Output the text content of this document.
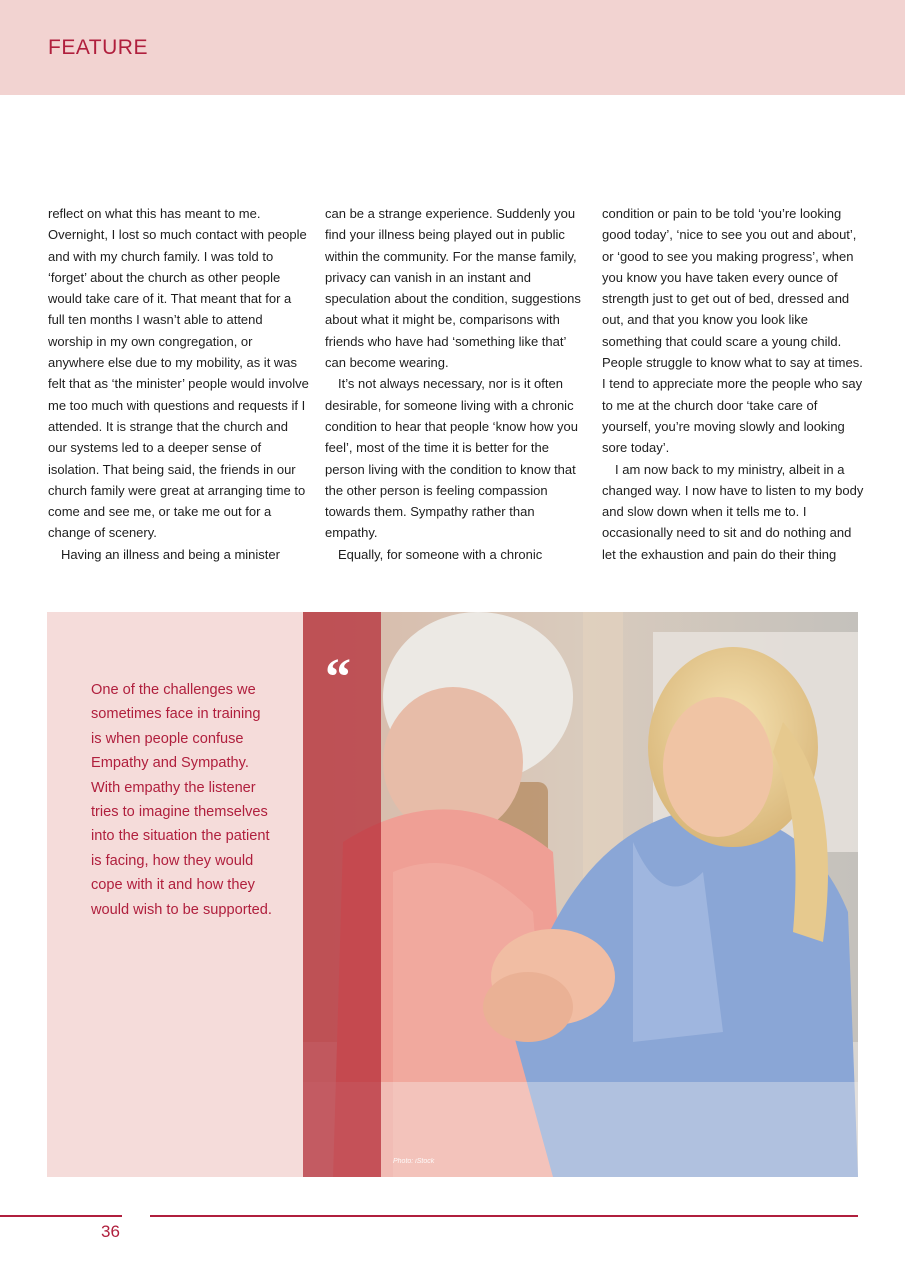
FEATURE

reflect on what this has meant to me. Overnight, I lost so much contact with people and with my church family. I was told to ‘forget’ about the church as other people would take care of it. That meant that for a full ten months I wasn’t able to attend worship in my own congregation, or anywhere else due to my mobility, as it was felt that as ‘the minister’ people would involve me too much with questions and requests if I attended. It is strange that the church and our systems led to a deeper sense of isolation. That being said, the friends in our church family were great at arranging time to come and see me, or take me out for a change of scenery.

Having an illness and being a minister

can be a strange experience. Suddenly you find your illness being played out in public within the community. For the manse family, privacy can vanish in an instant and speculation about the condition, suggestions about what it might be, comparisons with friends who have had ‘something like that’ can become wearing.

It’s not always necessary, nor is it often desirable, for someone living with a chronic condition to hear that people ‘know how you feel’, most of the time it is better for the person living with the condition to know that the other person is feeling compassion towards them. Sympathy rather than empathy.

Equally, for someone with a chronic

condition or pain to be told ‘you’re looking good today’, ‘nice to see you out and about’, or ‘good to see you making progress’, when you know you have taken every ounce of strength just to get out of bed, dressed and out, and that you know you look like something that could scare a young child. People struggle to know what to say at times. I tend to appreciate more the people who say to me at the church door ‘take care of yourself, you’re moving slowly and looking sore today’.

I am now back to my ministry, albeit in a changed way. I now have to listen to my body and slow down when it tells me to. I occasionally need to sit and do nothing and let the exhaustion and pain do their thing

One of the challenges we sometimes face in training is when people confuse Empathy and Sympathy. With empathy the listener tries to imagine themselves into the situation the patient is facing, how they would cope with it and how they would wish to be supported.

“
Photo: iStock
36
